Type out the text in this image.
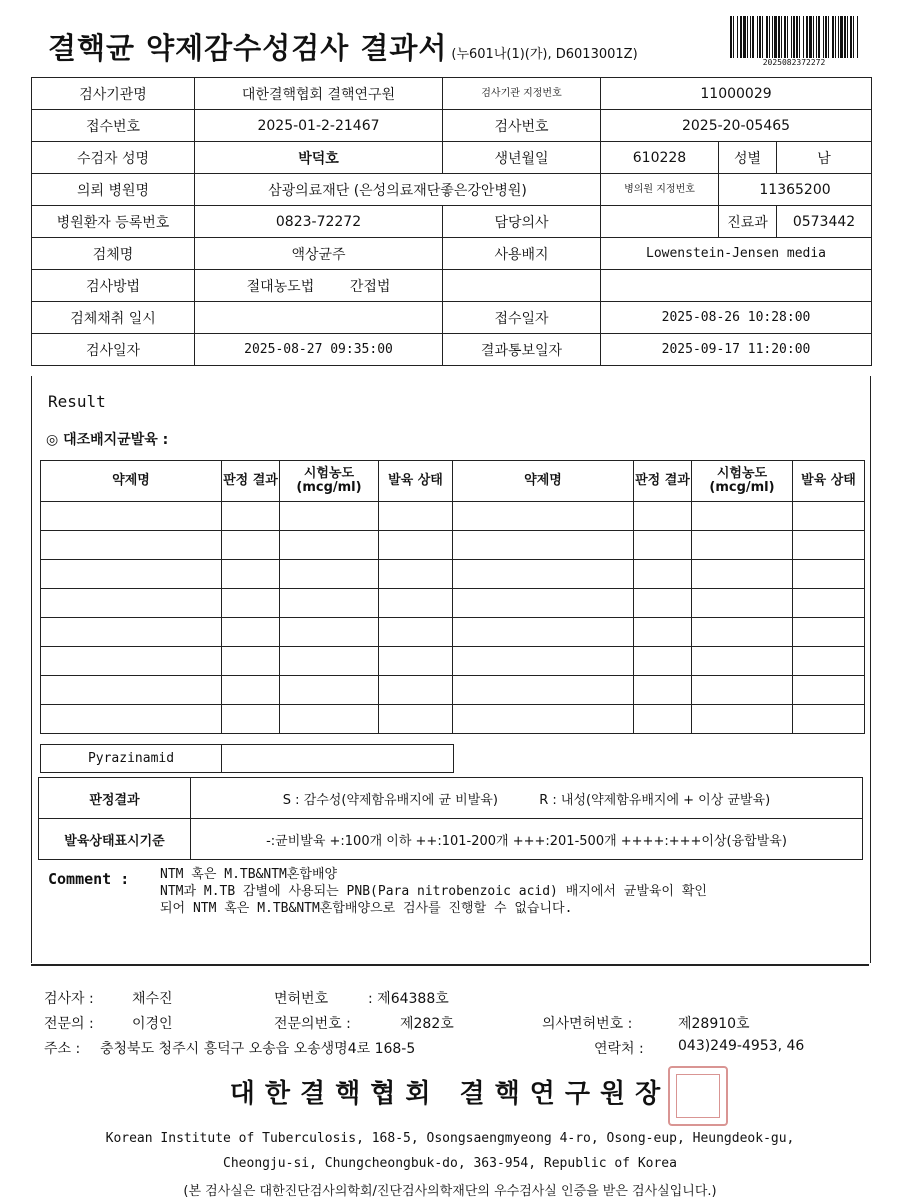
결핵균 약제감수성검사 결과서 (누601나(1)(가), D6013001Z)
2025082372272
검사기관명	대한결핵협회 결핵연구원	검사기관 지정번호	11000029		
접수번호	2025-01-2-21467	검사번호	2025-20-05465		
수검자 성명	박덕호	생년월일	610228	성별	남
의뢰 병원명	삼광의료재단 (은성의료재단좋은강안병원)		병의원 지정번호	11365200	
병원환자 등록번호	0823-72272	담당의사		진료과	0573442
검체명	액상균주	사용배지	Lowenstein-Jensen media		
검사방법	절대농도법 간접법				
검체채취 일시		접수일자	2025-08-26 10:28:00		
검사일자	2025-08-27 09:35:00	결과통보일자	2025-09-17 11:20:00		
Result
◎ 대조배지균발육 :
약제명	판정 결과	시험농도 (mcg/ml)	발육 상태	약제명	판정 결과	시험농도 (mcg/ml)	발육 상태

Pyrazinamid	
판정결과	S : 감수성(약제함유배지에 균 비발육) R : 내성(약제함유배지에 + 이상 균발육)
발육상태표시기준	-:균비발육 +:100개 이하 ++:101-200개 +++:201-500개 ++++:+++이상(융합발육)
Comment : NTM 혹은 M.TB&NTM혼합배양
NTM과 M.TB 감별에 사용되는 PNB(Para nitrobenzoic acid) 배지에서 균발육이 확인
되어 NTM 혹은 M.TB&NTM혼합배양으로 검사를 진행할 수 없습니다.
검사자 :	채수진	면허번호	: 제64388호
전문의 :	이경인	전문의번호 :	제282호	의사면허번호 :	제28910호
주소 : 충청북도 청주시 흥덕구 오송읍 오송생명4로 168-5	연락처 : 043)249-4953, 46
대한결핵협회 결핵연구원장
Korean Institute of Tuberculosis, 168-5, Osongsaengmyeong 4-ro, Osong-eup, Heungdeok-gu,
Cheongju-si, Chungcheongbuk-do, 363-954, Republic of Korea
(본 검사실은 대한진단검사의학회/진단검사의학재단의 우수검사실 인증을 받은 검사실입니다.)
